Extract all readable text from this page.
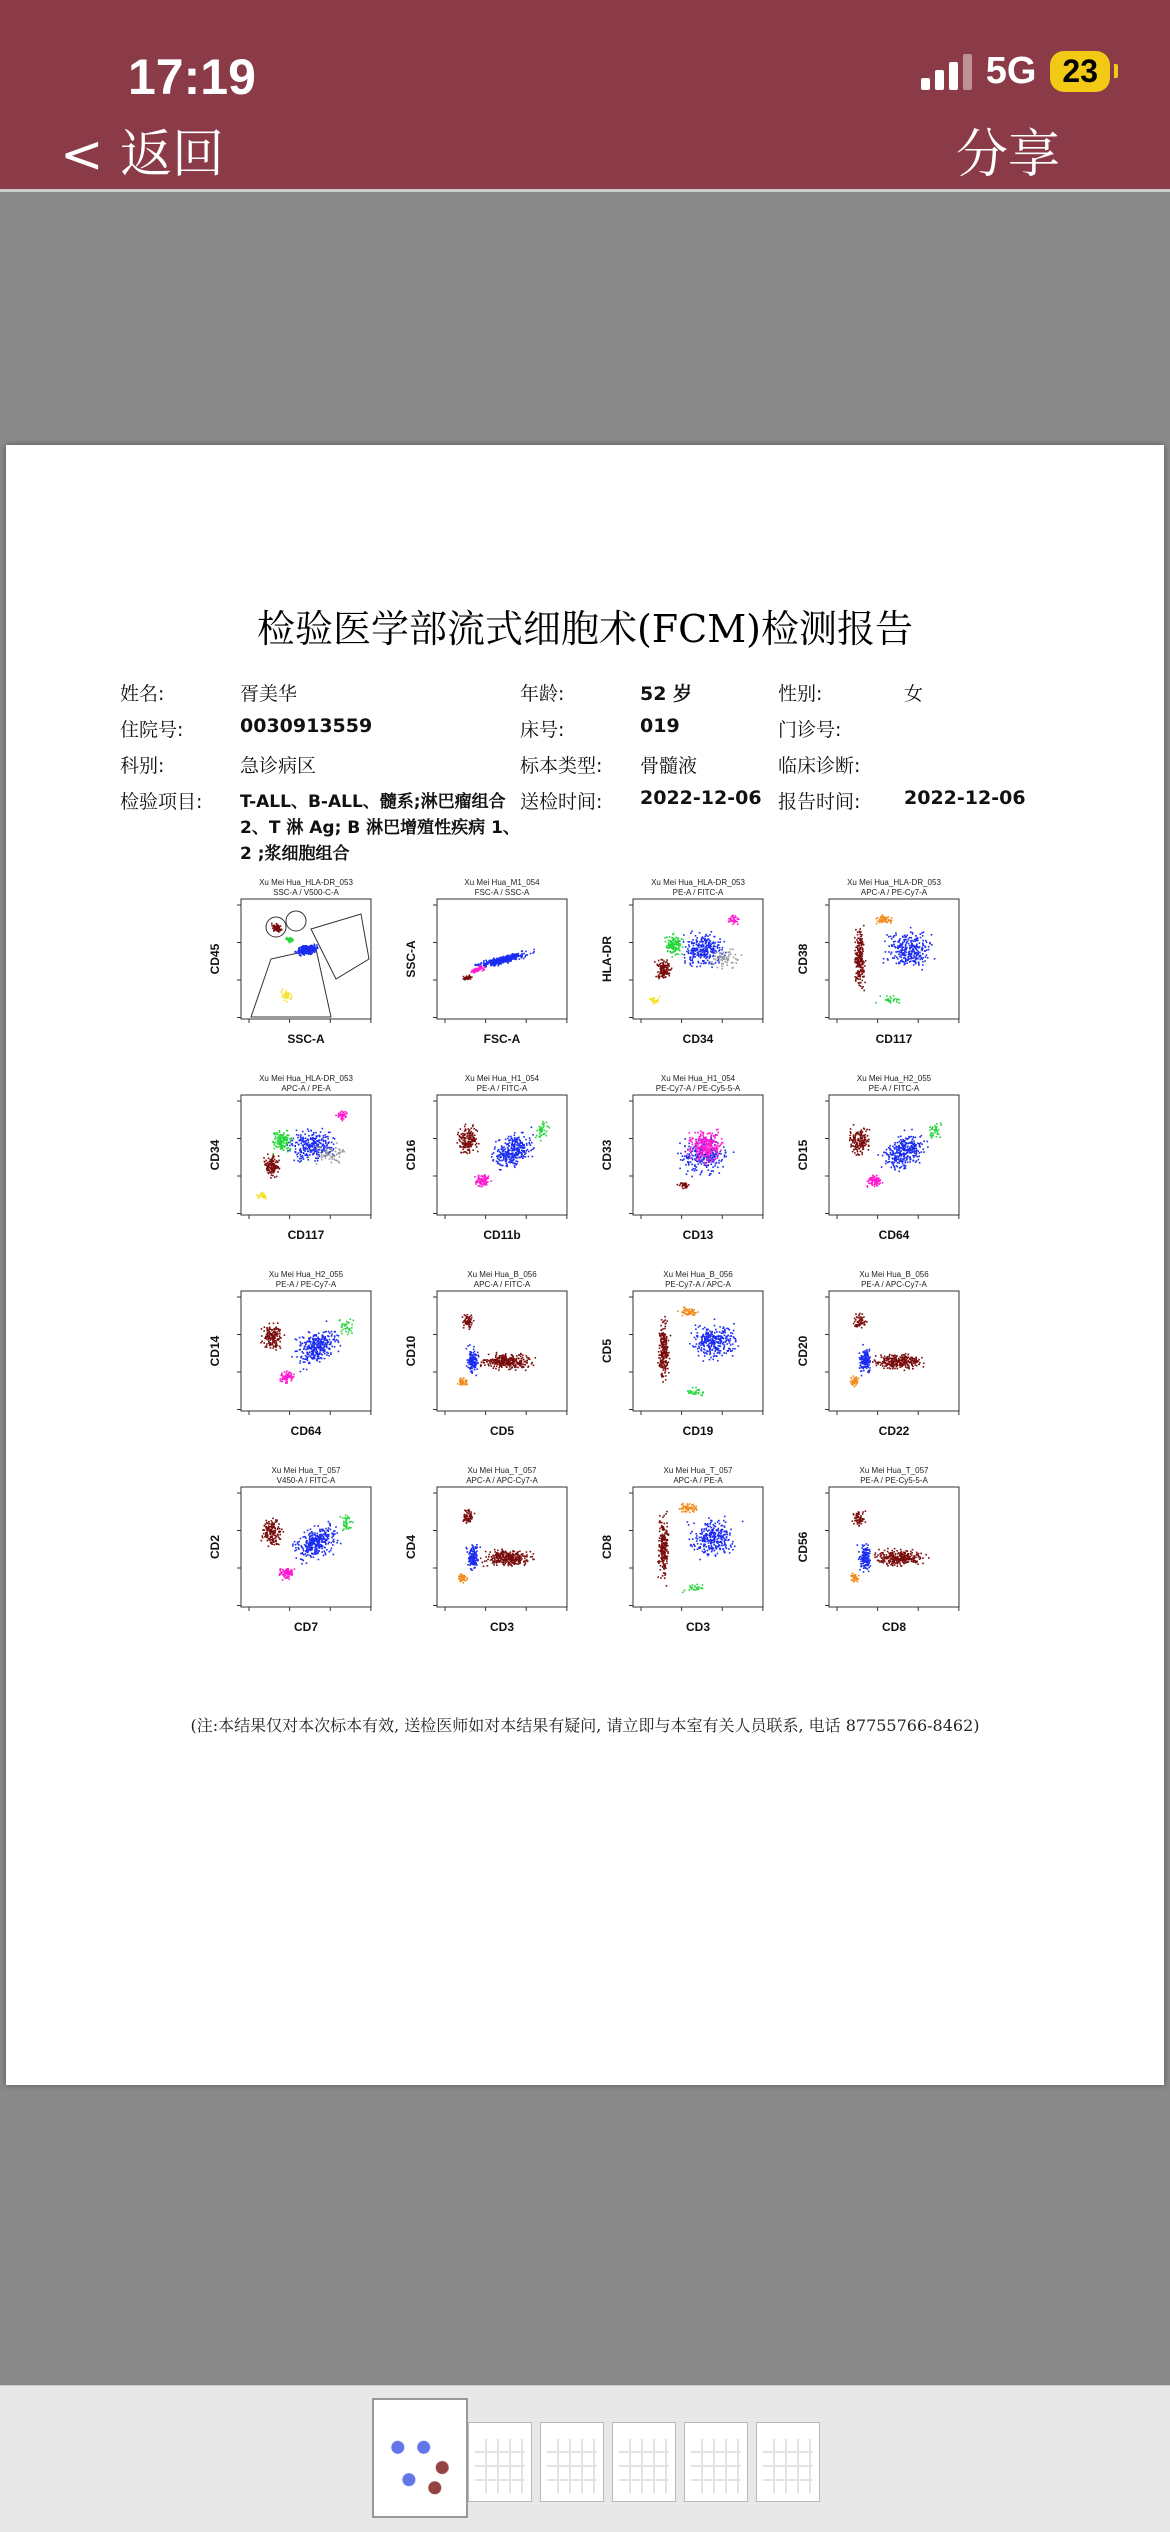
17:19	5G 23
< 返回	分享
检验医学部流式细胞术(FCM)检测报告
姓名:	胥美华	年龄:	52 岁	性别:	女
住院号:	0030913559	床号:	019	门诊号:
科别:	急诊病区	标本类型: 骨髓液	临床诊断:
检验项目: T-ALL、B-ALL、髓系;淋巴瘤组合
2、T 淋 Ag; B 淋巴增殖性疾病 1、
2 ;浆细胞组合
送检时间: 2022-12-06 报告时间: 2022-12-06
Xu Mei Hua_HLA-DR_053
SSC-A / V500-C-A
SSC-A
CD45
Xu Mei Hua_M1_054
FSC-A / SSC-A
FSC-A
SSC-A
Xu Mei Hua_HLA-DR_053
PE-A / FITC-A
CD34
HLA-DR
Xu Mei Hua_HLA-DR_053
APC-A / PE-Cy7-A
CD117
CD38
Xu Mei Hua_HLA-DR_053
APC-A / PE-A
CD117
CD34
Xu Mei Hua_H1_054
PE-A / FITC-A
CD11b
CD16
Xu Mei Hua_H1_054
PE-Cy7-A / PE-Cy5-5-A
CD13
CD33
Xu Mei Hua_H2_055
PE-A / FITC-A
CD64
CD15
Xu Mei Hua_H2_055
PE-A / PE-Cy7-A
CD64
CD14
Xu Mei Hua_B_056
APC-A / FITC-A
CD5
CD10
Xu Mei Hua_B_056
PE-Cy7-A / APC-A
CD19
CD5
Xu Mei Hua_B_056
PE-A / APC-Cy7-A
CD22
CD20
Xu Mei Hua_T_057
V450-A / FITC-A
CD7
CD2
Xu Mei Hua_T_057
APC-A / APC-Cy7-A
CD3
CD4
Xu Mei Hua_T_057
APC-A / PE-A
CD3
CD8
Xu Mei Hua_T_057
PE-A / PE-Cy5-5-A
CD8
CD56
(注:本结果仅对本次标本有效, 送检医师如对本结果有疑问, 请立即与本室有关人员联系, 电话 87755766-8462)
